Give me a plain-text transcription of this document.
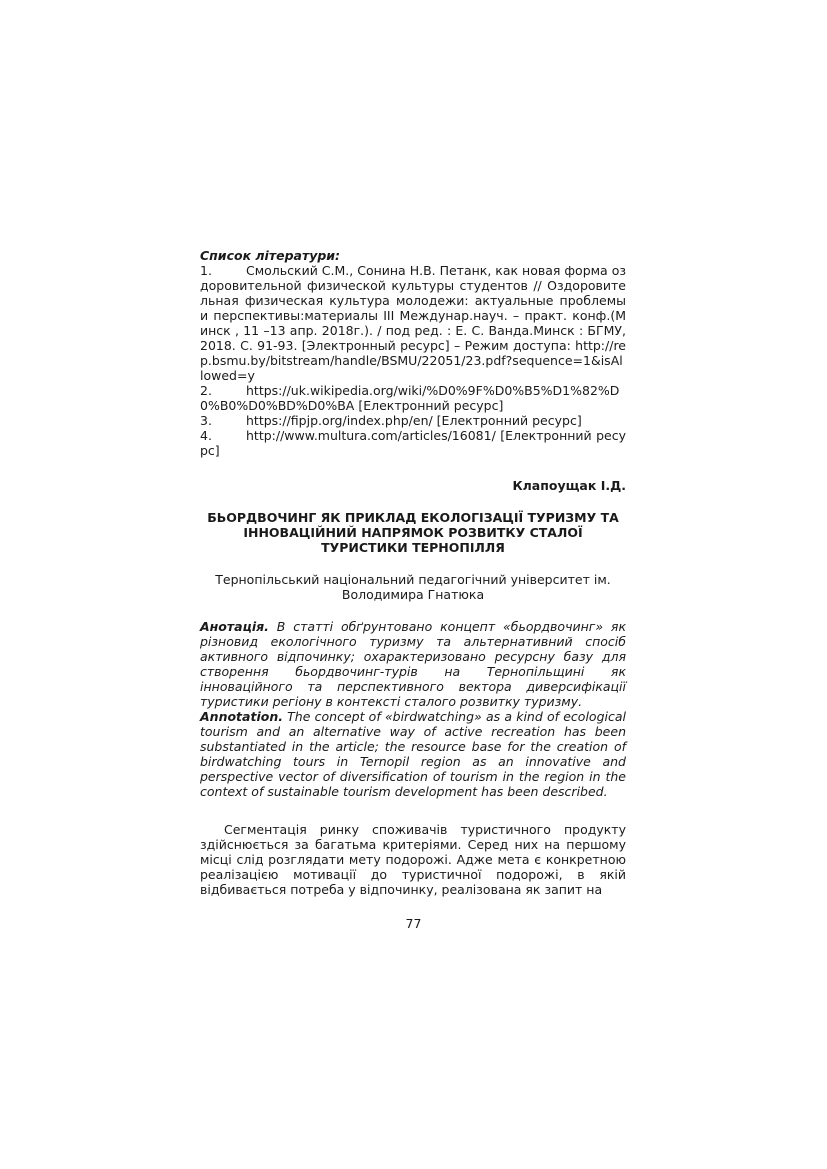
Список літератури:

1.	Смольский С.М., Сонина Н.В. Петанк, как новая форма оздоровительной физической культуры студентов // Оздоровительная физическая культура молодежи: актуальные проблемы и перспективы:материалы III Междунар.науч. – практ. конф.(Минск , 11 –13 апр. 2018г.). / под ред. : Е. С. Ванда.Минск : БГМУ, 2018. С. 91-93. [Электронный ресурс] – Режим доступа: http://rep.bsmu.by/bitstream/handle/BSMU/22051/23.pdf?sequence=1&isAllowed=y

2.	https://uk.wikipedia.org/wiki/%D0%9F%D0%B5%D1%82%D0%B0%D0%BD%D0%BA [Електронний ресурс]

3.	https://fipjp.org/index.php/en/ [Електронний ресурс]

4.	http://www.multura.com/articles/16081/ [Електронний ресурс]

Клапоущак І.Д.

БЬОРДВОЧИНГ ЯК ПРИКЛАД ЕКОЛОГІЗАЦІЇ ТУРИЗМУ ТА ІННОВАЦІЙНИЙ НАПРЯМОК РОЗВИТКУ СТАЛОЇ ТУРИСТИКИ ТЕРНОПІЛЛЯ

Тернопільський національний педагогічний університет ім. Володимира Гнатюка

Анотація. В статті обґрунтовано концепт «бьордвочинг» як різновид екологічного туризму та альтернативний спосіб активного відпочинку; охарактеризовано ресурсну базу для створення бьордвочинг-турів на Тернопільщині як інноваційного та перспективного вектора диверсифікації туристики регіону в контексті сталого розвитку туризму.

Annotation. The concept of «birdwatching» as a kind of ecological tourism and an alternative way of active recreation has been substantiated in the article; the resource base for the creation of birdwatching tours in Ternopil region as an innovative and perspective vector of diversification of tourism in the region in the context of sustainable tourism development has been described.

Сегментація ринку споживачів туристичного продукту здійснюється за багатьма критеріями. Серед них на першому місці слід розглядати мету подорожі. Адже мета є конкретною реалізацією мотивації до туристичної подорожі, в якій відбивається потреба у відпочинку, реалізована як запит на

77
